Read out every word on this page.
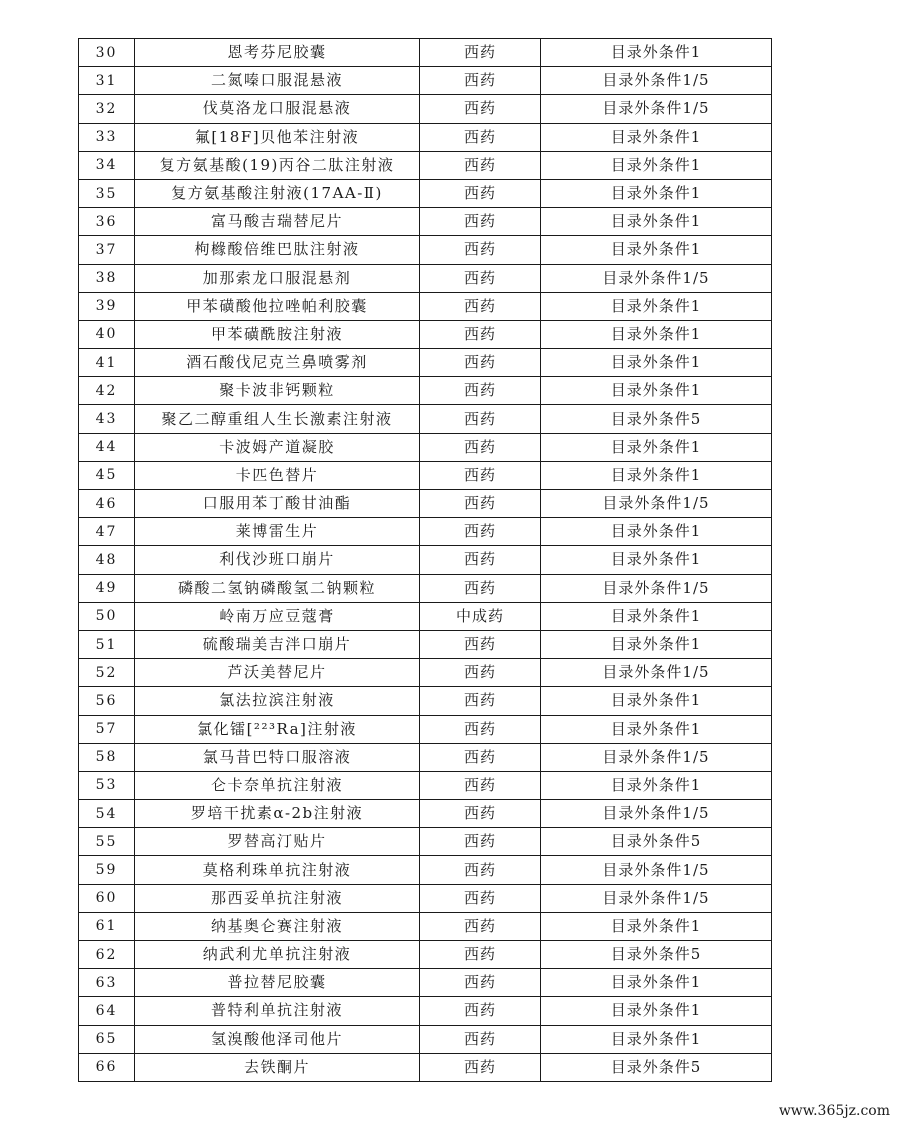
30	恩考芬尼胶囊	西药	目录外条件1
31	二氮嗪口服混悬液	西药	目录外条件1/5
32	伐莫洛龙口服混悬液	西药	目录外条件1/5
33	氟[18F]贝他苯注射液	西药	目录外条件1
34	复方氨基酸(19)丙谷二肽注射液	西药	目录外条件1
35	复方氨基酸注射液(17AA-Ⅱ)	西药	目录外条件1
36	富马酸吉瑞替尼片	西药	目录外条件1
37	枸橼酸倍维巴肽注射液	西药	目录外条件1
38	加那索龙口服混悬剂	西药	目录外条件1/5
39	甲苯磺酸他拉唑帕利胶囊	西药	目录外条件1
40	甲苯磺酰胺注射液	西药	目录外条件1
41	酒石酸伐尼克兰鼻喷雾剂	西药	目录外条件1
42	聚卡波非钙颗粒	西药	目录外条件1
43	聚乙二醇重组人生长激素注射液	西药	目录外条件5
44	卡波姆产道凝胶	西药	目录外条件1
45	卡匹色替片	西药	目录外条件1
46	口服用苯丁酸甘油酯	西药	目录外条件1/5
47	莱博雷生片	西药	目录外条件1
48	利伐沙班口崩片	西药	目录外条件1
49	磷酸二氢钠磷酸氢二钠颗粒	西药	目录外条件1/5
50	岭南万应豆蔻膏	中成药	目录外条件1
51	硫酸瑞美吉泮口崩片	西药	目录外条件1
52	芦沃美替尼片	西药	目录外条件1/5
56	氯法拉滨注射液	西药	目录外条件1
57	氯化镭[²²³Ra]注射液	西药	目录外条件1
58	氯马昔巴特口服溶液	西药	目录外条件1/5
53	仑卡奈单抗注射液	西药	目录外条件1
54	罗培干扰素α-2b注射液	西药	目录外条件1/5
55	罗替高汀贴片	西药	目录外条件5
59	莫格利珠单抗注射液	西药	目录外条件1/5
60	那西妥单抗注射液	西药	目录外条件1/5
61	纳基奥仑赛注射液	西药	目录外条件1
62	纳武利尤单抗注射液	西药	目录外条件5
63	普拉替尼胶囊	西药	目录外条件1
64	普特利单抗注射液	西药	目录外条件1
65	氢溴酸他泽司他片	西药	目录外条件1
66	去铁酮片	西药	目录外条件5
www.365jz.com
